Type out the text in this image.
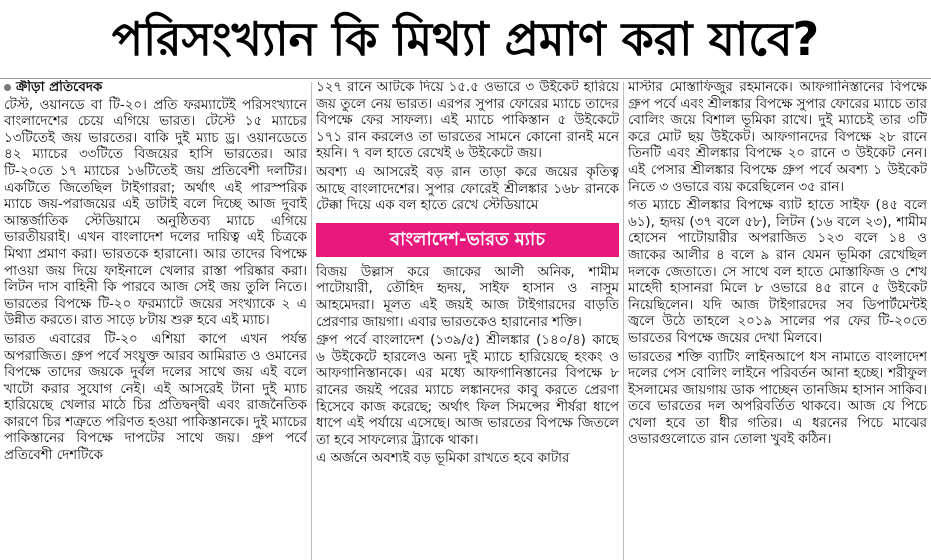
পরিসংখ্যান কি মিথ্যা প্রমাণ করা যাবে?
ক্রীড়া প্রতিবেদক

টেস্ট, ওয়ানডে বা টি-২০। প্রতি ফরম্যাটেই পরিসংখ্যানে বাংলাদেশের চেয়ে এগিয়ে ভারত। টেস্টে ১৫ ম্যাচের ১৩টিতেই জয় ভারতের। বাকি দুই ম্যাচ ড্র। ওয়ানডেতে ৪২ ম্যাচের ৩৩টিতে বিজয়ের হাসি ভারতের। আর টি-২০তে ১৭ ম্যাচের ১৬টিতেই জয় প্রতিবেশী দলটির। একটিতে জিতেছিল টাইগাররা; অর্থাৎ এই পারস্পরিক ম্যাচে জয়-পরাজয়ের এই ডাটাই বলে দিচ্ছে আজ দুবাই আন্তর্জাতিক স্টেডিয়ামে অনুষ্ঠিতব্য ম্যাচে এগিয়ে ভারতীয়রাই। এখন বাংলাদেশ দলের দায়িত্ব এই চিত্রকে মিথ্যা প্রমাণ করা। ভারতকে হারানো। আর তাদের বিপক্ষে পাওয়া জয় দিয়ে ফাইনালে খেলার রাস্তা পরিষ্কার করা। লিটন দাস বাহিনী কি পারবে আজ সেই জয় তুলি নিতে। ভারতের বিপক্ষে টি-২০ ফরম্যাটে জয়ের সংখ্যাকে ২ এ উন্নীত করতে। রাত সাড়ে ৮টায় শুরু হবে এই ম্যাচ।

ভারত এবারের টি-২০ এশিয়া কাপে এখন পর্যন্ত অপরাজিত। গ্রুপ পর্বে সংযুক্ত আরব আমিরাত ও ওমানের বিপক্ষে তাদের জয়কে দুর্বল দলের সাথে জয় এই বলে খাটো করার সুযোগ নেই। এই আসরেই টানা দুই ম্যাচ হারিয়েছে খেলার মাঠে চির প্রতিদ্বন্দ্বী এবং রাজনৈতিক কারণে চির শত্রুতে পরিণত হওয়া পাকিস্তানকে। দুই ম্যাচের পাকিস্তানের বিপক্ষে দাপটের সাথে জয়। গ্রুপ পর্বে প্রতিবেশী দেশটিকে

১২৭ রানে আটকে দিয়ে ১৫.৫ ওভারে ৩ উইকেট হারিয়ে জয় তুলে নেয় ভারত। এরপর সুপার ফোরের ম্যাচে তাদের বিপক্ষে ফের সাফল্য। এই ম্যাচে পাকিস্তান ৫ উইকেটে ১৭১ রান করলেও তা ভারতের সামনে কোনো রানই মনে হয়নি। ৭ বল হাতে রেখেই ৬ উইকেটে জয়।

অবশ্য এ আসরেই বড় রান তাড়া করে জয়ের কৃতিত্ব আছে বাংলাদেশের। সুপার ফোরেই শ্রীলঙ্কার ১৬৮ রানকে টেক্কা দিয়ে এক বল হাতে রেখে স্টেডিয়ামে

বাংলাদেশ-ভারত ম্যাচ

বিজয় উল্লাস করে জাকের আলী অনিক, শামীম পাটোয়ারী, তৌহিদ হৃদয়, সাইফ হাসান ও নাসুম আহমেদরা। মূলত এই জয়ই আজ টাইগারদের বাড়তি প্রেরণার জায়গা। এবার ভারতকেও হারানোর শক্তি।

গ্রুপ পর্বে বাংলাদেশ (১৩৯/৫) শ্রীলঙ্কার (১৪০/৪) কাছে ৬ উইকেটে হারলেও অন্য দুই ম্যাচে হারিয়েছে হংকং ও আফগানিস্তানকে। এর মধ্যে আফগানিস্তানের বিপক্ষে ৮ রানের জয়ই পরের ম্যাচে লঙ্কানদের কাবু করতে প্রেরণা হিসেবে কাজ করেছে; অর্থাৎ ফিল সিমন্সের শীর্ষরা ধাপে ধাপে এই পর্যায়ে এসেছে। আজ ভারতের বিপক্ষে জিতলে তা হবে সাফল্যের ট্র্যাকে থাকা।

এ অর্জনে অবশ্যই বড় ভূমিকা রাখতে হবে কাটার

মাস্টার মোস্তাফিজুর রহমানকে। আফগানিস্তানের বিপক্ষে গ্রুপ পর্বে এবং শ্রীলঙ্কার বিপক্ষে সুপার ফোরের ম্যাচে তার বোলিং জয়ে বিশাল ভূমিকা রাখে। দুই ম্যাচেই তার ৩টি করে মোট ছয় উইকেট। আফগানদের বিপক্ষে ২৮ রানে তিনটি এবং শ্রীলঙ্কার বিপক্ষে ২০ রানে ৩ উইকেট নেন। এই পেসার শ্রীলঙ্কার বিপক্ষে গ্রুপ পর্বে অবশ্য ১ উইকেট নিতে ৩ ওভারে ব্যয় করেছিলেন ৩৫ রান।

গত ম্যাচে শ্রীলঙ্কার বিপক্ষে ব্যাট হাতে সাইফ (৪৫ বলে ৬১), হৃদয় (৩৭ বলে ৫৮), লিটন (১৬ বলে ২৩), শামীম হোসেন পাটোয়ারীর অপরাজিত ১২৩ বলে ১৪ ও জাকের আলীর ৪ বলে ৯ রান যেমন ভূমিকা রেখেছিল দলকে জেতাতে। সে সাথে বল হাতে মোস্তাফিজ ও শেখ মাহেদী হাসানরা মিলে ৮ ওভারে ৪৫ রানে ৫ উইকেট নিয়েছিলেন। যদি আজ টাইগারদের সব ডিপার্টমেন্টই জ্বলে উঠে তাহলে ২০১৯ সালের পর ফের টি-২০তে ভারতের বিপক্ষে জয়ের দেখা মিলবে।

ভারতের শক্তি ব্যাটিং লাইনআপে ধস নামাতে বাংলাদেশ দলের পেস বোলিং লাইনে পরিবর্তন আনা হচ্ছে। শরীফুল ইসলামের জায়গায় ডাক পাচ্ছেন তানজিম হাসান সাকিব। তবে ভারতের দল অপরিবর্তিত থাকবে। আজ যে পিচে খেলা হবে তা ধীর গতির। এ ধরনের পিচে মাঝের ওভারগুলোতে রান তোলা খুবই কঠিন।
